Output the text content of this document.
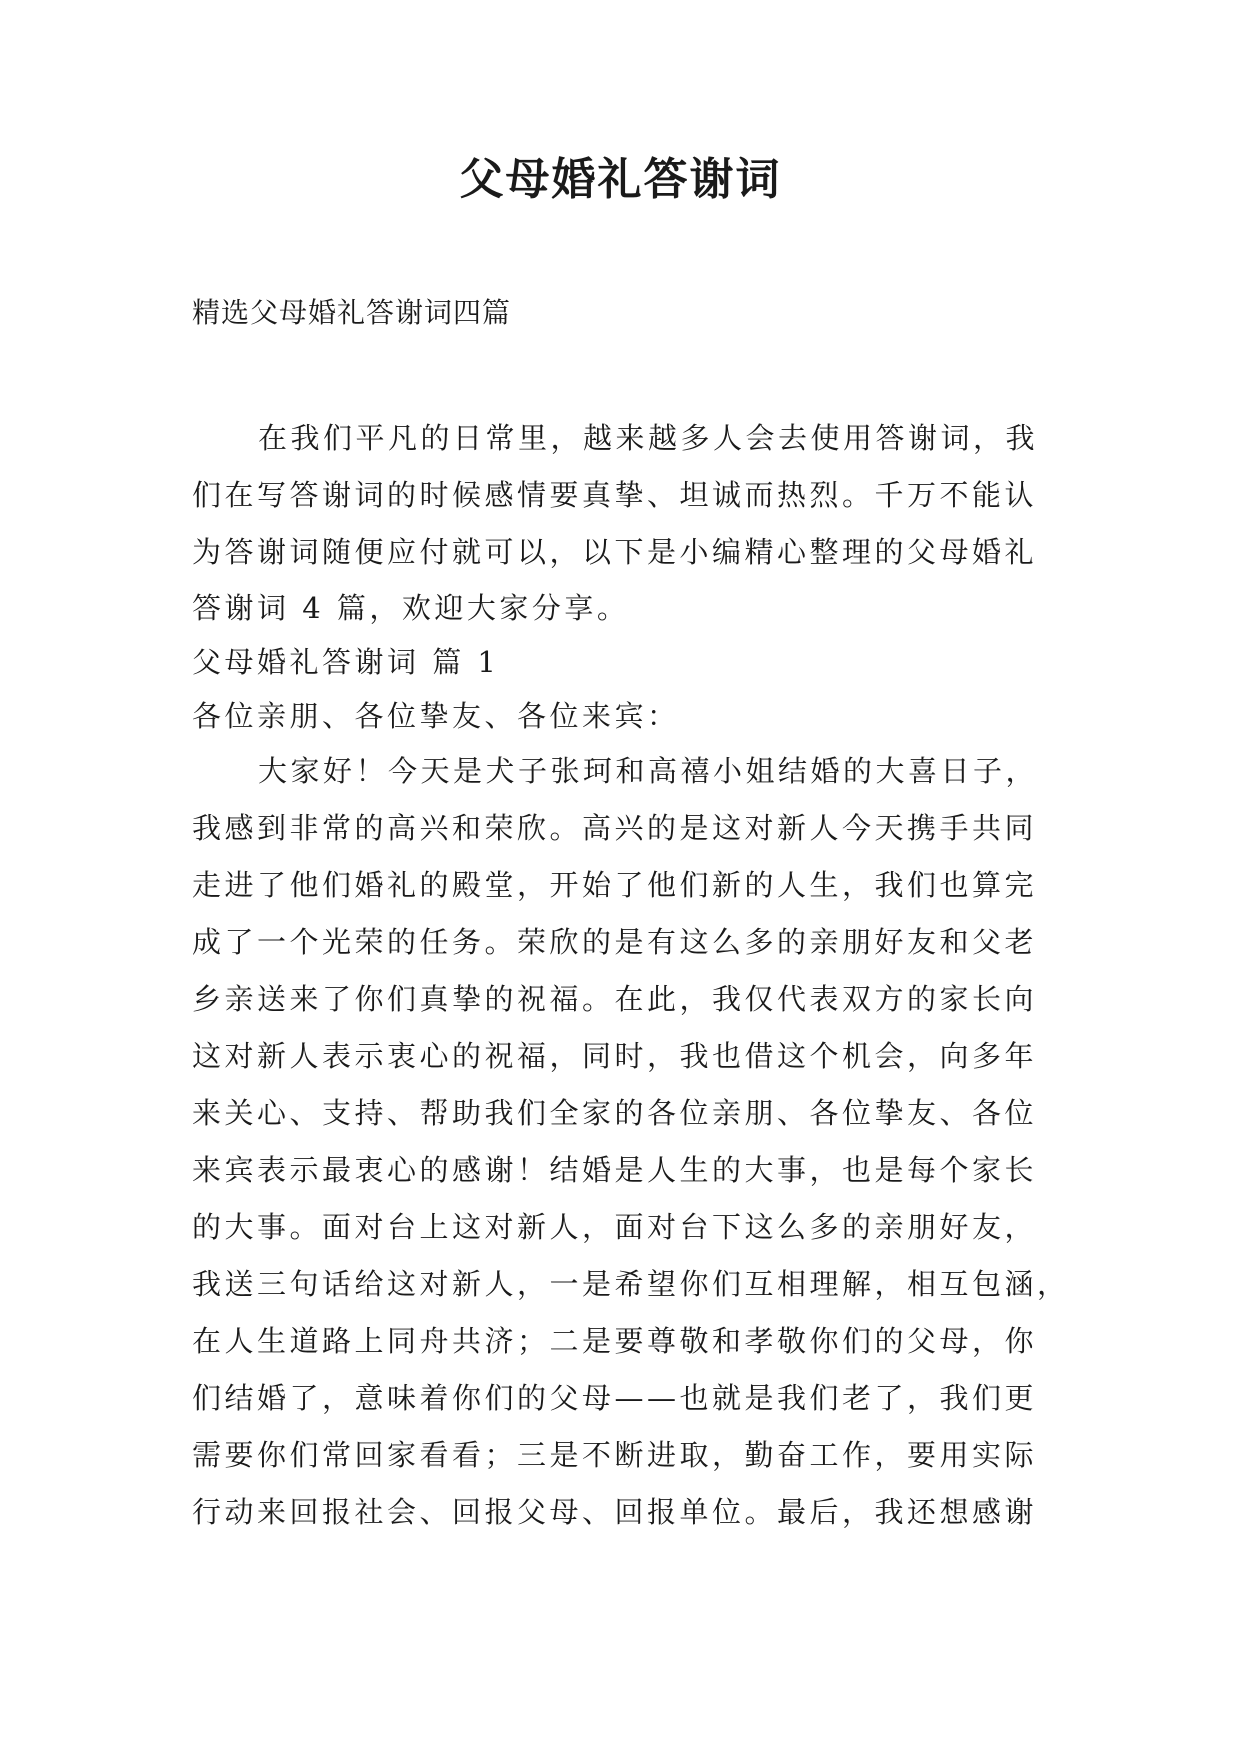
父母婚礼答谢词
精选父母婚礼答谢词四篇
在我们平凡的日常里，越来越多人会去使用答谢词，我
们在写答谢词的时候感情要真挚、坦诚而热烈。千万不能认
为答谢词随便应付就可以，以下是小编精心整理的父母婚礼
答谢词 4 篇，欢迎大家分享。
父母婚礼答谢词 篇 1
各位亲朋、各位挚友、各位来宾：
大家好！今天是犬子张珂和高禧小姐结婚的大喜日子，
我感到非常的高兴和荣欣。高兴的是这对新人今天携手共同
走进了他们婚礼的殿堂，开始了他们新的人生，我们也算完
成了一个光荣的任务。荣欣的是有这么多的亲朋好友和父老
乡亲送来了你们真挚的祝福。在此，我仅代表双方的家长向
这对新人表示衷心的祝福，同时，我也借这个机会，向多年
来关心、支持、帮助我们全家的各位亲朋、各位挚友、各位
来宾表示最衷心的感谢！结婚是人生的大事，也是每个家长
的大事。面对台上这对新人，面对台下这么多的亲朋好友，
我送三句话给这对新人，一是希望你们互相理解，相互包涵，
在人生道路上同舟共济；二是要尊敬和孝敬你们的父母，你
们结婚了，意味着你们的父母——也就是我们老了，我们更
需要你们常回家看看；三是不断进取，勤奋工作，要用实际
行动来回报社会、回报父母、回报单位。最后，我还想感谢
